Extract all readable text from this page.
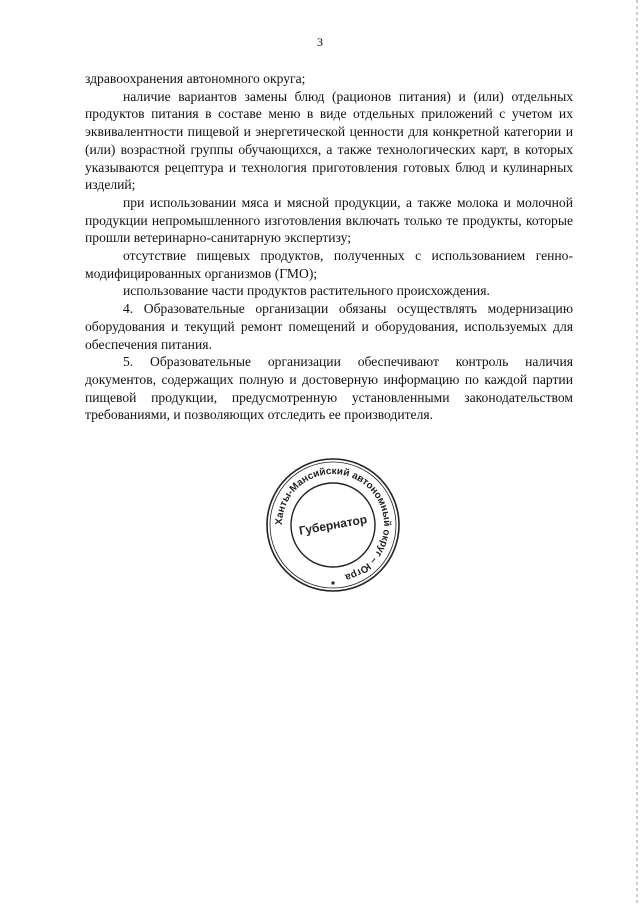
3

здравоохранения автономного округа;

наличие вариантов замены блюд (рационов питания) и (или) отдельных продуктов питания в составе меню в виде отдельных приложений с учетом их эквивалентности пищевой и энергетической ценности для конкретной категории и (или) возрастной группы обучающихся, а также технологических карт, в которых указываются рецептура и технология приготовления готовых блюд и кулинарных изделий;

при использовании мяса и мясной продукции, а также молока и молочной продукции непромышленного изготовления включать только те продукты, которые прошли ветеринарно-санитарную экспертизу;

отсутствие пищевых продуктов, полученных с использованием генно-модифицированных организмов (ГМО);

использование части продуктов растительного происхождения.

4. Образовательные организации обязаны осуществлять модернизацию оборудования и текущий ремонт помещений и оборудования, используемых для обеспечения питания.

5. Образовательные организации обеспечивают контроль наличия документов, содержащих полную и достоверную информацию по каждой партии пищевой продукции, предусмотренную установленными законодательством требованиями, и позволяющих отследить ее производителя.

Ханты-Мансийский автономный округ – Югра
Губернатор
